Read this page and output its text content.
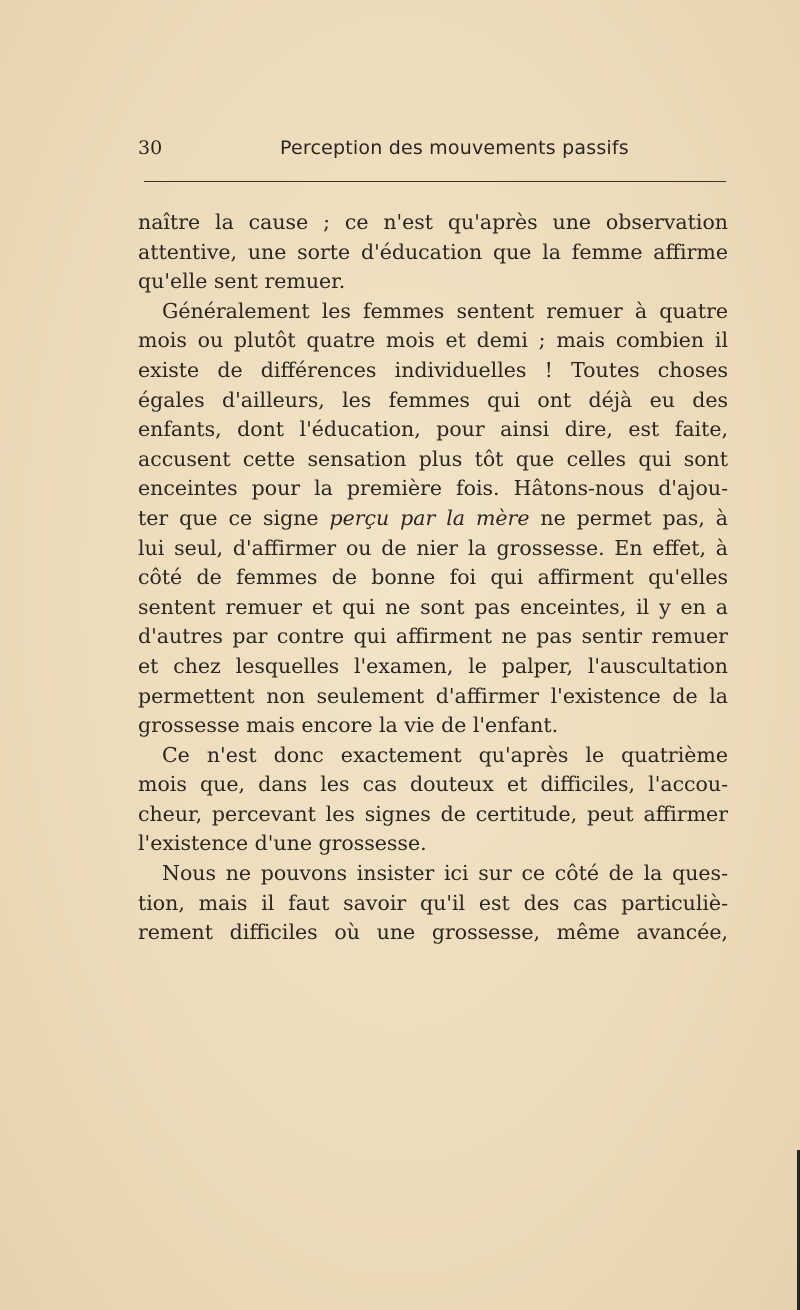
30	Perception des mouvements passifs

naître la cause ; ce n'est qu'après une observation
attentive, une sorte d'éducation que la femme affirme
qu'elle sent remuer.

Généralement les femmes sentent remuer à quatre
mois ou plutôt quatre mois et demi ; mais combien il
existe de différences individuelles ! Toutes choses
égales d'ailleurs, les femmes qui ont déjà eu des
enfants, dont l'éducation, pour ainsi dire, est faite,
accusent cette sensation plus tôt que celles qui sont
enceintes pour la première fois. Hâtons-nous d'ajou-
ter que ce signe perçu par la mère ne permet pas, à
lui seul, d'affirmer ou de nier la grossesse. En effet, à
côté de femmes de bonne foi qui affirment qu'elles
sentent remuer et qui ne sont pas enceintes, il y en a
d'autres par contre qui affirment ne pas sentir remuer
et chez lesquelles l'examen, le palper, l'auscultation
permettent non seulement d'affirmer l'existence de la
grossesse mais encore la vie de l'enfant.

Ce n'est donc exactement qu'après le quatrième
mois que, dans les cas douteux et difficiles, l'accou-
cheur, percevant les signes de certitude, peut affirmer
l'existence d'une grossesse.

Nous ne pouvons insister ici sur ce côté de la ques-
tion, mais il faut savoir qu'il est des cas particuliè-
rement difficiles où une grossesse, même avancée,
